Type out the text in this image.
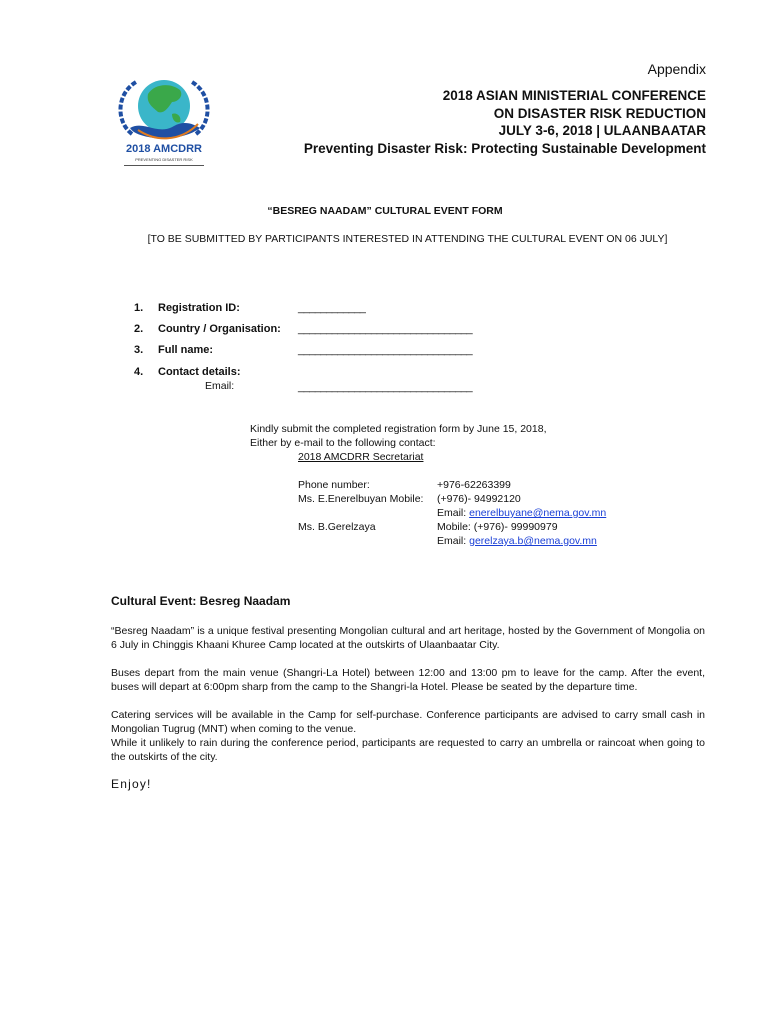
Appendix
2018 AMCDRR
PREVENTING DISASTER RISK
2018 ASIAN MINISTERIAL CONFERENCE
ON DISASTER RISK REDUCTION
JULY 3-6, 2018 | ULAANBAATAR
Preventing Disaster Risk: Protecting Sustainable Development
“BESREG NAADAM” CULTURAL EVENT FORM
[TO BE SUBMITTED BY PARTICIPANTS INTERESTED IN ATTENDING THE CULTURAL EVENT ON 06 JULY]
1. Registration ID:	____________
2. Country / Organisation: _______________________________
3. Full name:	_______________________________
4. Contact details:
Email:	_______________________________
Kindly submit the completed registration form by June 15, 2018,
Either by e-mail to the following contact:
2018 AMCDRR Secretariat
Phone number:	+976-62263399
Ms. E.Enerelbuyan Mobile: (+976)- 94992120
Email: enerelbuyane@nema.gov.mn
Ms. B.Gerelzaya	Mobile: (+976)- 99990979
Email: gerelzaya.b@nema.gov.mn
Cultural Event: Besreg Naadam
“Besreg Naadam” is a unique festival presenting Mongolian cultural and art heritage, hosted by the Government of Mongolia on 6 July in Chinggis Khaani Khuree Camp located at the outskirts of Ulaanbaatar City.
Buses depart from the main venue (Shangri-La Hotel) between 12:00 and 13:00 pm to leave for the camp. After the event, buses will depart at 6:00pm sharp from the camp to the Shangri-la Hotel. Please be seated by the departure time.
Catering services will be available in the Camp for self-purchase. Conference participants are advised to carry small cash in Mongolian Tugrug (MNT) when coming to the venue.
While it unlikely to rain during the conference period, participants are requested to carry an umbrella or raincoat when going to the outskirts of the city.
Enjoy!
